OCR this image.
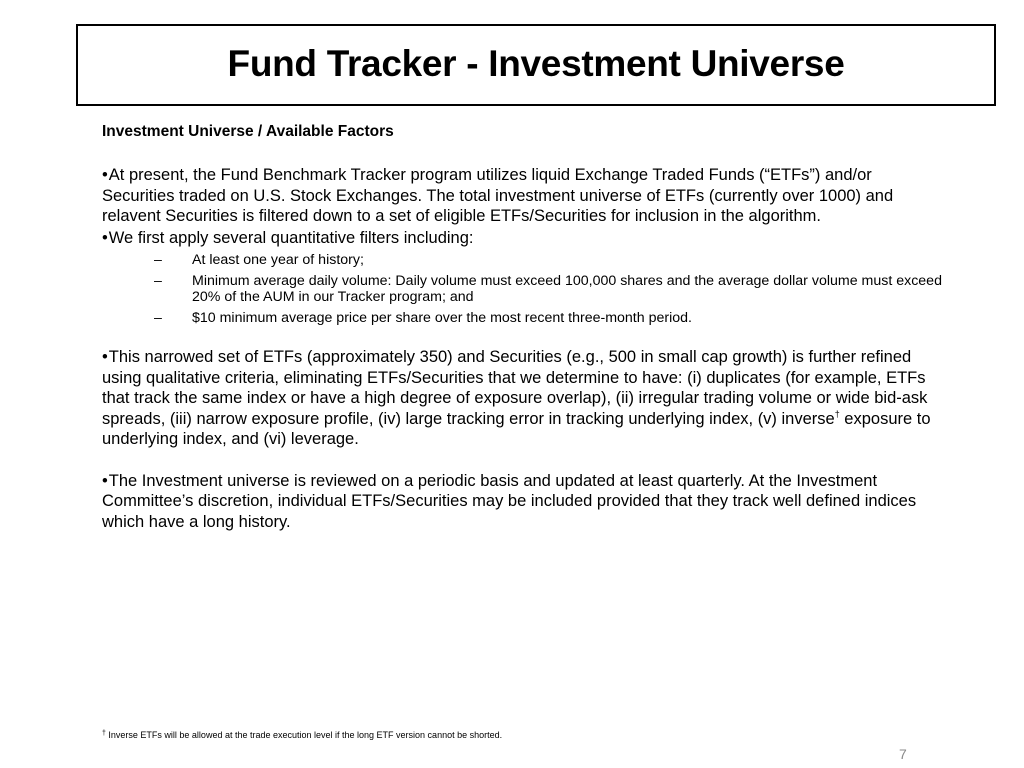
Fund Tracker - Investment Universe

Investment Universe / Available Factors

•At present, the Fund Benchmark Tracker program utilizes liquid Exchange Traded Funds (“ETFs”) and/or Securities traded on U.S. Stock Exchanges. The total investment universe of ETFs (currently over 1000) and relavent Securities is filtered down to a set of eligible ETFs/Securities for inclusion in the algorithm.

•We first apply several quantitative filters including:

– At least one year of history;
– Minimum average daily volume: Daily volume must exceed 100,000 shares and the average dollar volume must exceed 20% of the AUM in our Tracker program; and
– $10 minimum average price per share over the most recent three-month period.

•This narrowed set of ETFs (approximately 350) and Securities (e.g., 500 in small cap growth) is further refined using qualitative criteria, eliminating ETFs/Securities that we determine to have: (i) duplicates (for example, ETFs that track the same index or have a high degree of exposure overlap), (ii) irregular trading volume or wide bid-ask spreads, (iii) narrow exposure profile, (iv) large tracking error in tracking underlying index, (v) inverse† exposure to underlying index, and (vi) leverage.

•The Investment universe is reviewed on a periodic basis and updated at least quarterly. At the Investment Committee’s discretion, individual ETFs/Securities may be included provided that they track well defined indices which have a long history.

† Inverse ETFs will be allowed at the trade execution level if the long ETF version cannot be shorted.
7
